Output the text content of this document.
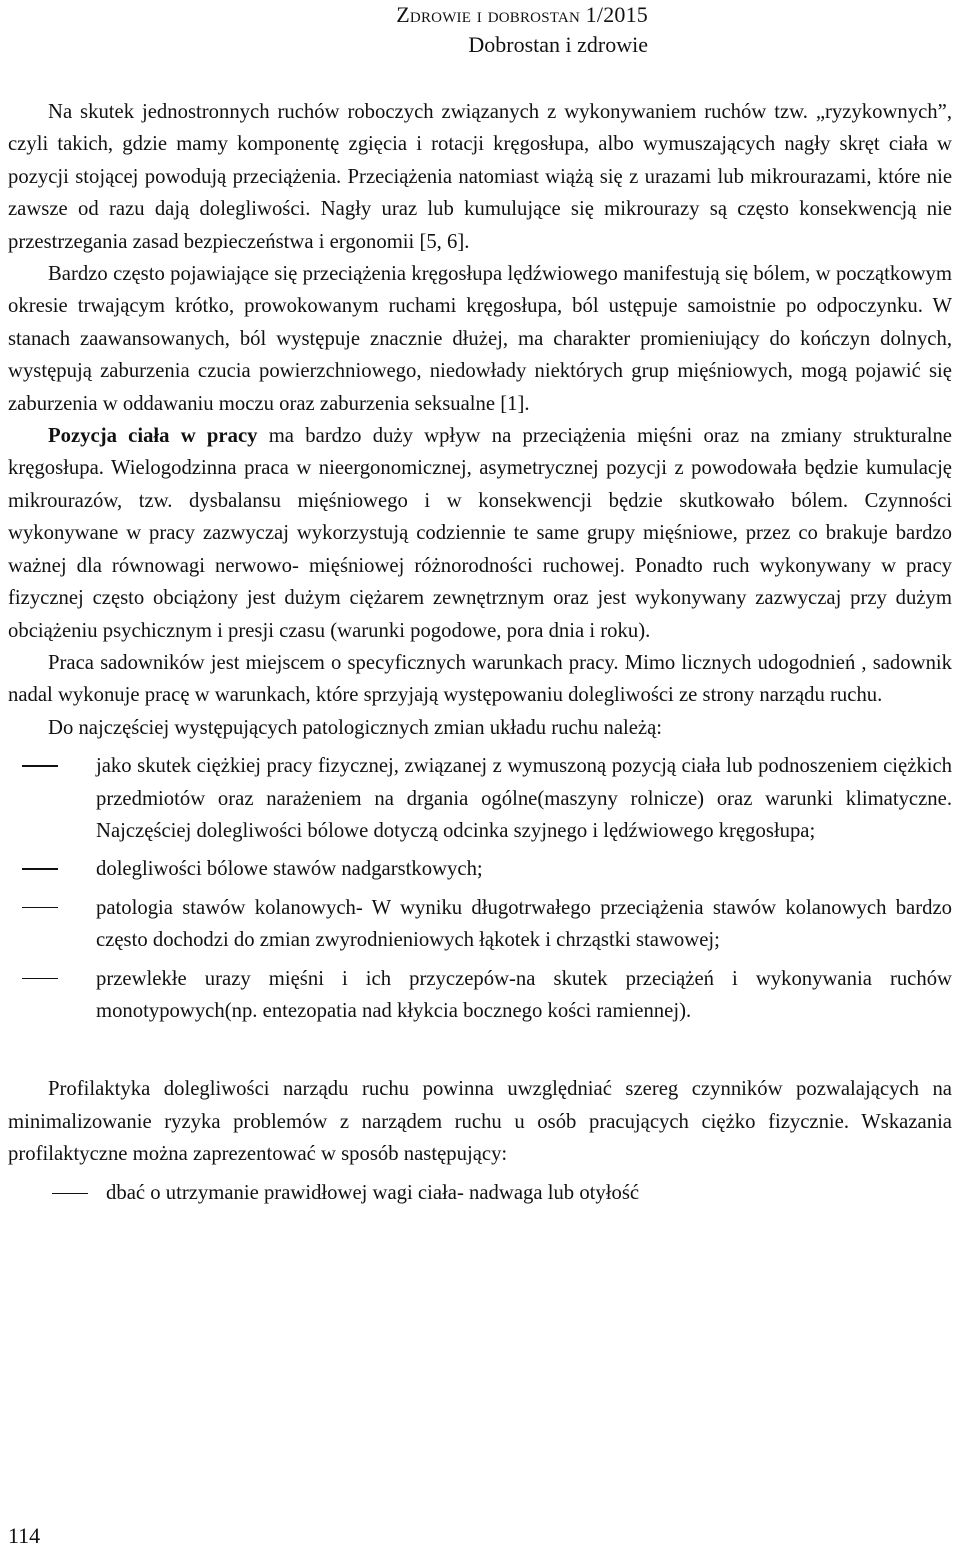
Zdrowie i dobrostan 1/2015
Dobrostan i zdrowie

Na skutek jednostronnych ruchów roboczych związanych z wykonywaniem ruchów tzw. „ryzykownych”, czyli takich, gdzie mamy komponentę zgięcia i rotacji kręgosłupa, albo wymuszających nagły skręt ciała w pozycji stojącej powodują przeciążenia. Przeciążenia natomiast wiążą się z urazami lub mikrourazami, które nie zawsze od razu dają dolegliwości. Nagły uraz lub kumulujące się mikrourazy są często konsekwencją nie przestrzegania zasad bezpieczeństwa i ergonomii [5, 6].

Bardzo często pojawiające się przeciążenia kręgosłupa lędźwiowego manifestują się bólem, w początkowym okresie trwającym krótko, prowokowanym ruchami kręgosłupa, ból ustępuje samoistnie po odpoczynku. W stanach zaawansowanych, ból występuje znacznie dłużej, ma charakter promieniujący do kończyn dolnych, występują zaburzenia czucia powierzchniowego, niedowłady niektórych grup mięśniowych, mogą pojawić się zaburzenia w oddawaniu moczu oraz zaburzenia seksualne [1].

Pozycja ciała w pracy ma bardzo duży wpływ na przeciążenia mięśni oraz na zmiany strukturalne kręgosłupa. Wielogodzinna praca w nieergonomicznej, asymetrycznej pozycji z powodowała będzie kumulację mikrourazów, tzw. dysbalansu mięśniowego i w konsekwencji będzie skutkowało bólem. Czynności wykonywane w pracy zazwyczaj wykorzystują codziennie te same grupy mięśniowe, przez co brakuje bardzo ważnej dla równowagi nerwowo- mięśniowej różnorodności ruchowej. Ponadto ruch wykonywany w pracy fizycznej często obciążony jest dużym ciężarem zewnętrznym oraz jest wykonywany zazwyczaj przy dużym obciążeniu psychicznym i presji czasu (warunki pogodowe, pora dnia i roku).

Praca sadowników jest miejscem o specyficznych warunkach pracy. Mimo licznych udogodnień , sadownik nadal wykonuje pracę w warunkach, które sprzyjają występowaniu dolegliwości ze strony narządu ruchu.

Do najczęściej występujących patologicznych zmian układu ruchu należą:

jako skutek ciężkiej pracy fizycznej, związanej z wymuszoną pozycją ciała lub podnoszeniem ciężkich przedmiotów oraz narażeniem na drgania ogólne(maszyny rolnicze) oraz warunki klimatyczne. Najczęściej dolegliwości bólowe dotyczą odcinka szyjnego i lędźwiowego kręgosłupa;
dolegliwości bólowe stawów nadgarstkowych;
patologia stawów kolanowych- W wyniku długotrwałego przeciążenia stawów kolanowych bardzo często dochodzi do zmian zwyrodnieniowych łąkotek i chrząstki stawowej;
przewlekłe urazy mięśni i ich przyczepów-na skutek przeciążeń i wykonywania ruchów monotypowych(np. entezopatia nad kłykcia bocznego kości ramiennej).

Profilaktyka dolegliwości narządu ruchu powinna uwzględniać szereg czynników pozwalających na minimalizowanie ryzyka problemów z narządem ruchu u osób pracujących ciężko fizycznie. Wskazania profilaktyczne można zaprezentować w sposób następujący:

dbać o utrzymanie prawidłowej wagi ciała- nadwaga lub otyłość
114
